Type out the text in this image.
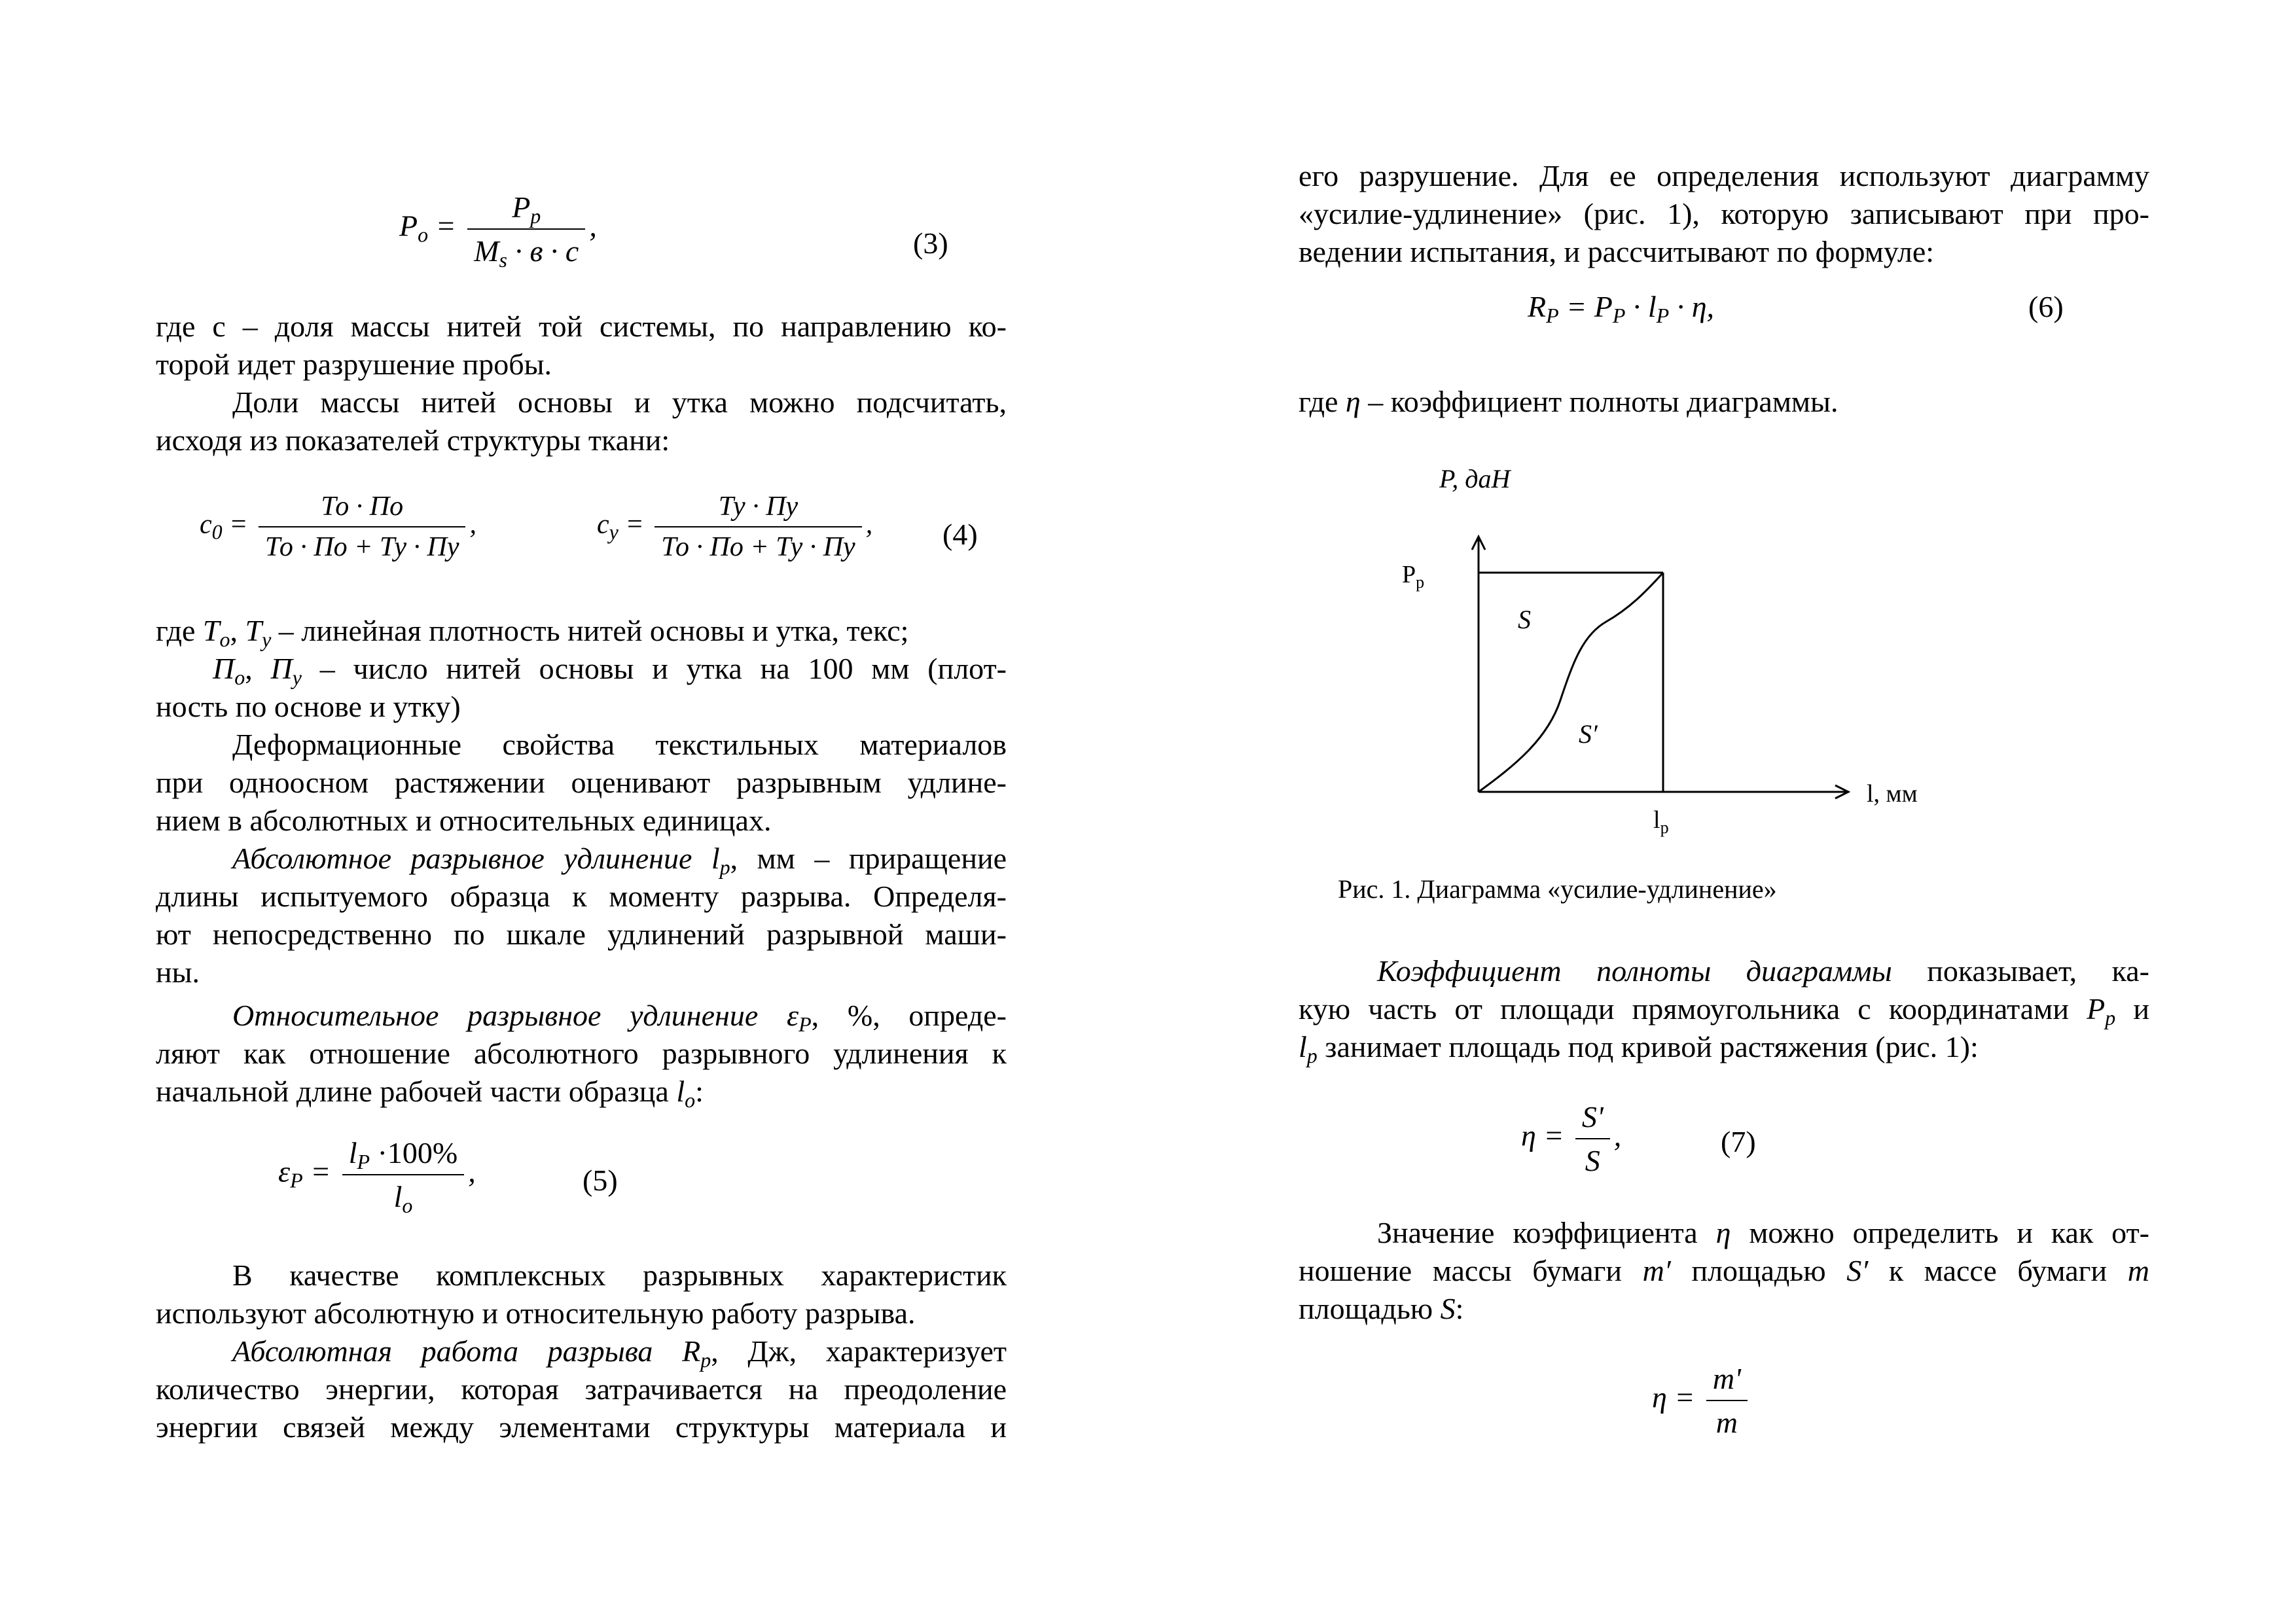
$P_o = \frac{P_p}{M_s \cdot в \cdot с}$ ,
(3)
где с – доля массы нитей той системы, по направлению ко-
торой идет разрушение пробы.
Доли массы нитей основы и утка можно подсчитать,
исходя из показателей структуры ткани:
$c_0 = \frac{То \cdot По}{То \cdot По + Ту \cdot Пу}$ ,	$c_у = \frac{Ту \cdot Пу}{То \cdot По + Ту \cdot Пу}$ , (4)
где $T_o$, $T_y$ – линейная плотность нитей основы и утка, текс;
$П_o$, $П_y$ – число нитей основы и утка на 100 мм (плот-
ность по основе и утку)
Деформационные свойства текстильных материалов
при одноосном растяжении оценивают разрывным удлине-
нием в абсолютных и относительных единицах.
Абсолютное разрывное удлинение $l_p$, мм – приращение
длины испытуемого образца к моменту разрыва. Определя-
ют непосредственно по шкале удлинений разрывной маши-
ны.
Относительное разрывное удлинение $\varepsilon_P$, %, опреде-
ляют как отношение абсолютного разрывного удлинения к
начальной длине рабочей части образца $l_o$:
$\varepsilon_P = \frac{l_P \cdot 100\%}{l_o}$ ,	(5)
В качестве комплексных разрывных характеристик
используют абсолютную и относительную работу разрыва.
Абсолютная работа разрыва $R_p$, Дж, характеризует
количество энергии, которая затрачивается на преодоление
энергии связей между элементами структуры материала и
его разрушение. Для ее определения используют диаграмму
«усилие-удлинение» (рис. 1), которую записывают при про-
ведении испытания, и рассчитывают по формуле:
$R_P = P_P \cdot l_P \cdot \eta$,	(6)
где η – коэффициент полноты диаграммы.
P, даН
$P_p$
S
S′
l, мм
$l_p$
Рис. 1. Диаграмма «усилие-удлинение»
Коэффициент полноты диаграммы показывает, ка-
кую часть от площади прямоугольника с координатами $P_p$ и
$l_p$ занимает площадь под кривой растяжения (рис. 1):
$\eta = \frac{S'}{S}$ ,	(7)
Значение коэффициента η можно определить и как от-
ношение массы бумаги m′ площадью S′ к массе бумаги m
площадью S:
$\eta = \frac{m'}{m}$
